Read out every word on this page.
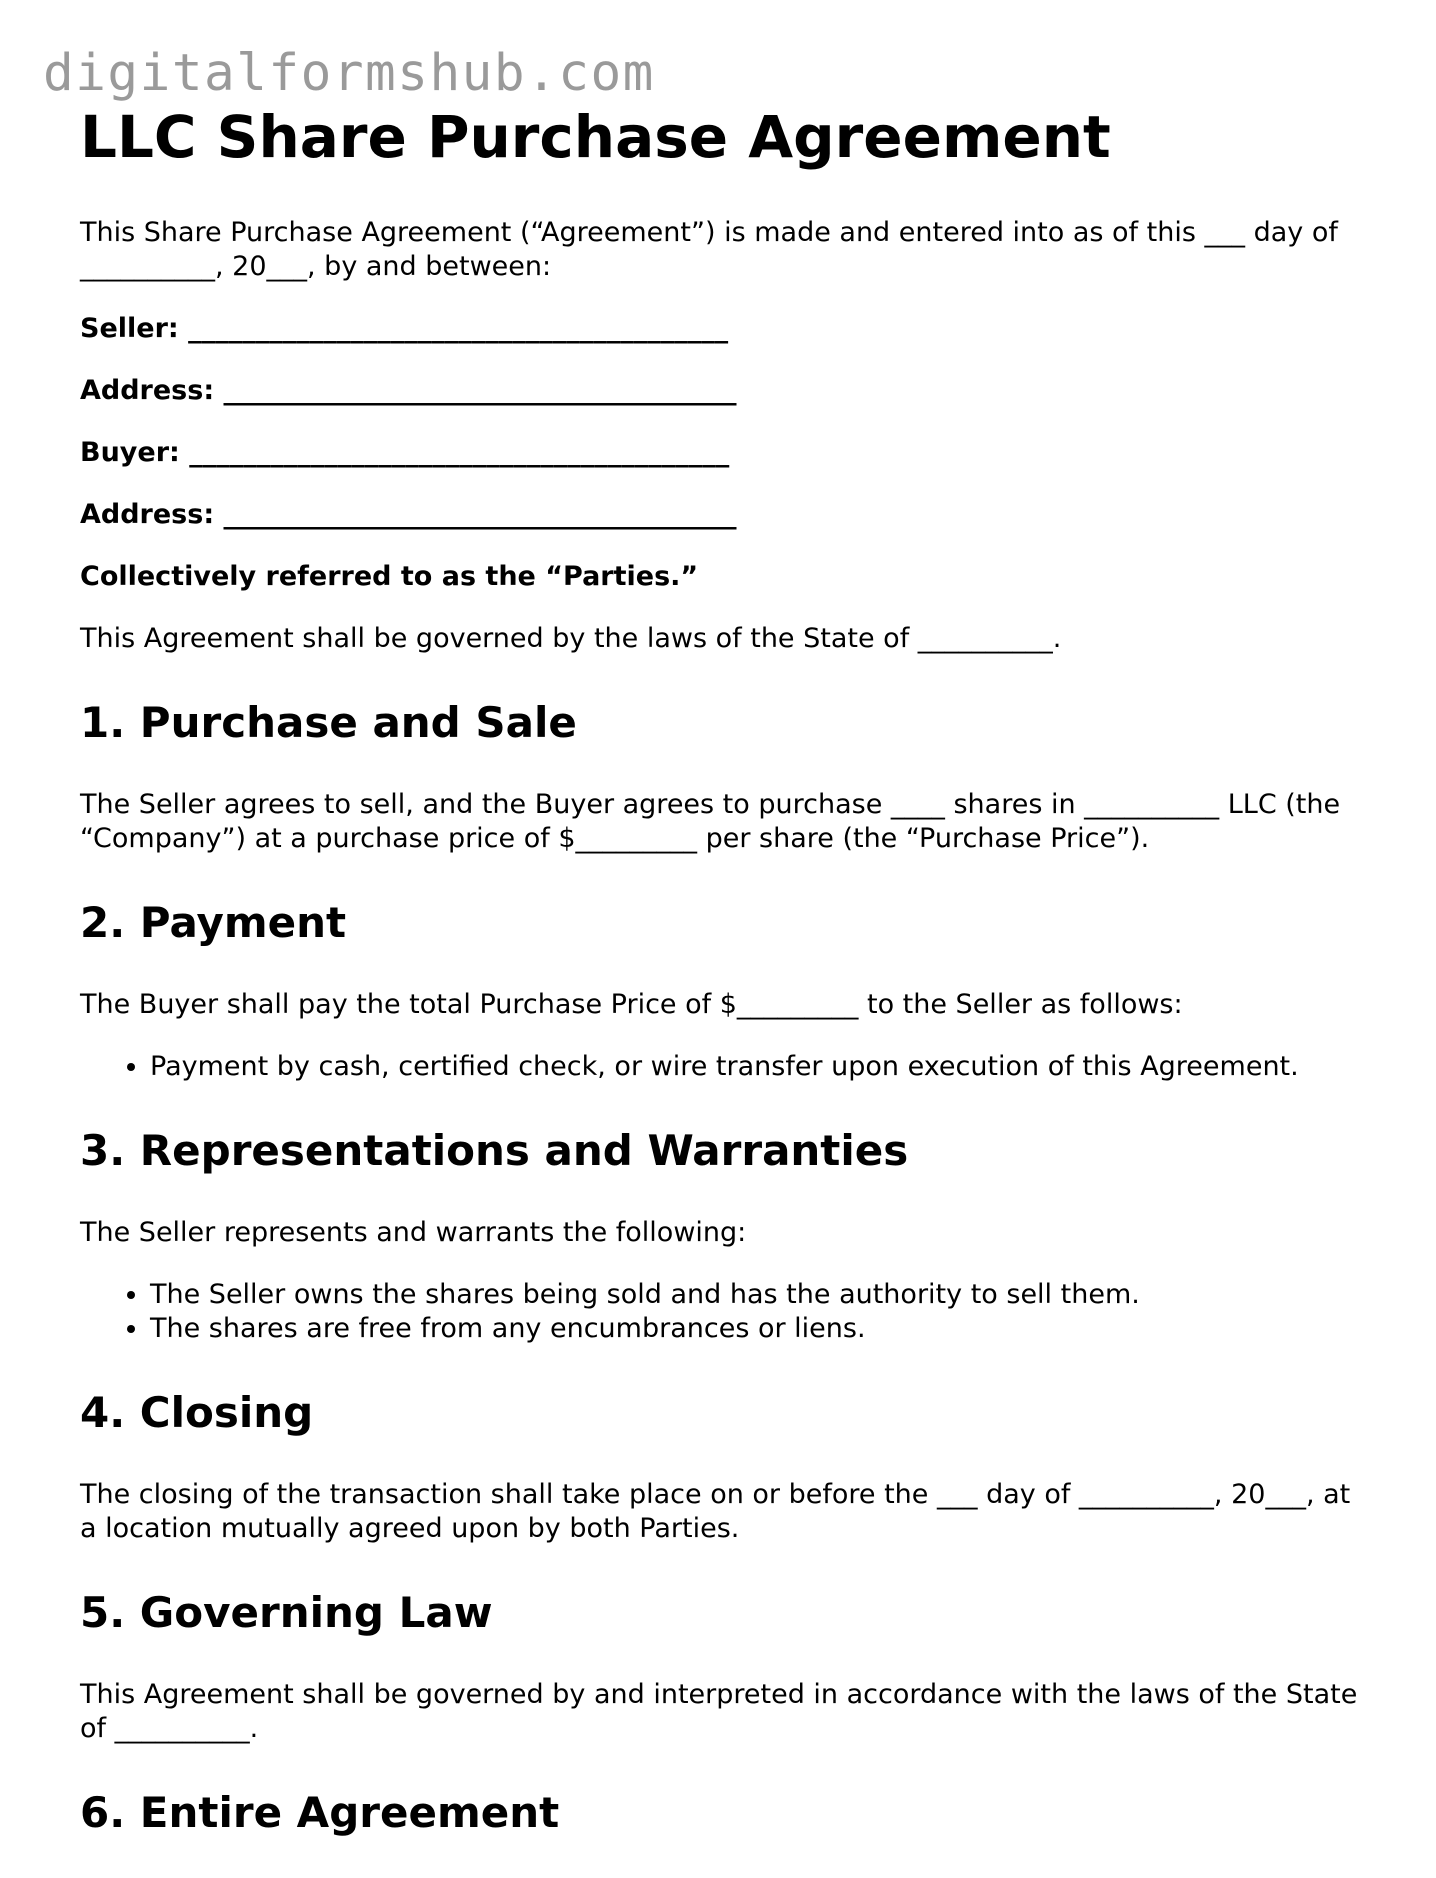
digitalformshub.com
LLC Share Purchase Agreement

This Share Purchase Agreement (“Agreement”) is made and entered into as of this ___ day of __________, 20___, by and between:

Seller: ________________________________________

Address: ______________________________________

Buyer: ________________________________________

Address: ______________________________________

Collectively referred to as the “Parties.”

This Agreement shall be governed by the laws of the State of __________.

1. Purchase and Sale

The Seller agrees to sell, and the Buyer agrees to purchase ____ shares in __________ LLC (the “Company”) at a purchase price of $_________ per share (the “Purchase Price”).

2. Payment

The Buyer shall pay the total Purchase Price of $_________ to the Seller as follows:

• Payment by cash, certified check, or wire transfer upon execution of this Agreement.
3. Representations and Warranties

The Seller represents and warrants the following:

• The Seller owns the shares being sold and has the authority to sell them.
• The shares are free from any encumbrances or liens.
4. Closing

The closing of the transaction shall take place on or before the ___ day of __________, 20___, at a location mutually agreed upon by both Parties.

5. Governing Law

This Agreement shall be governed by and interpreted in accordance with the laws of the State of __________.

6. Entire Agreement
